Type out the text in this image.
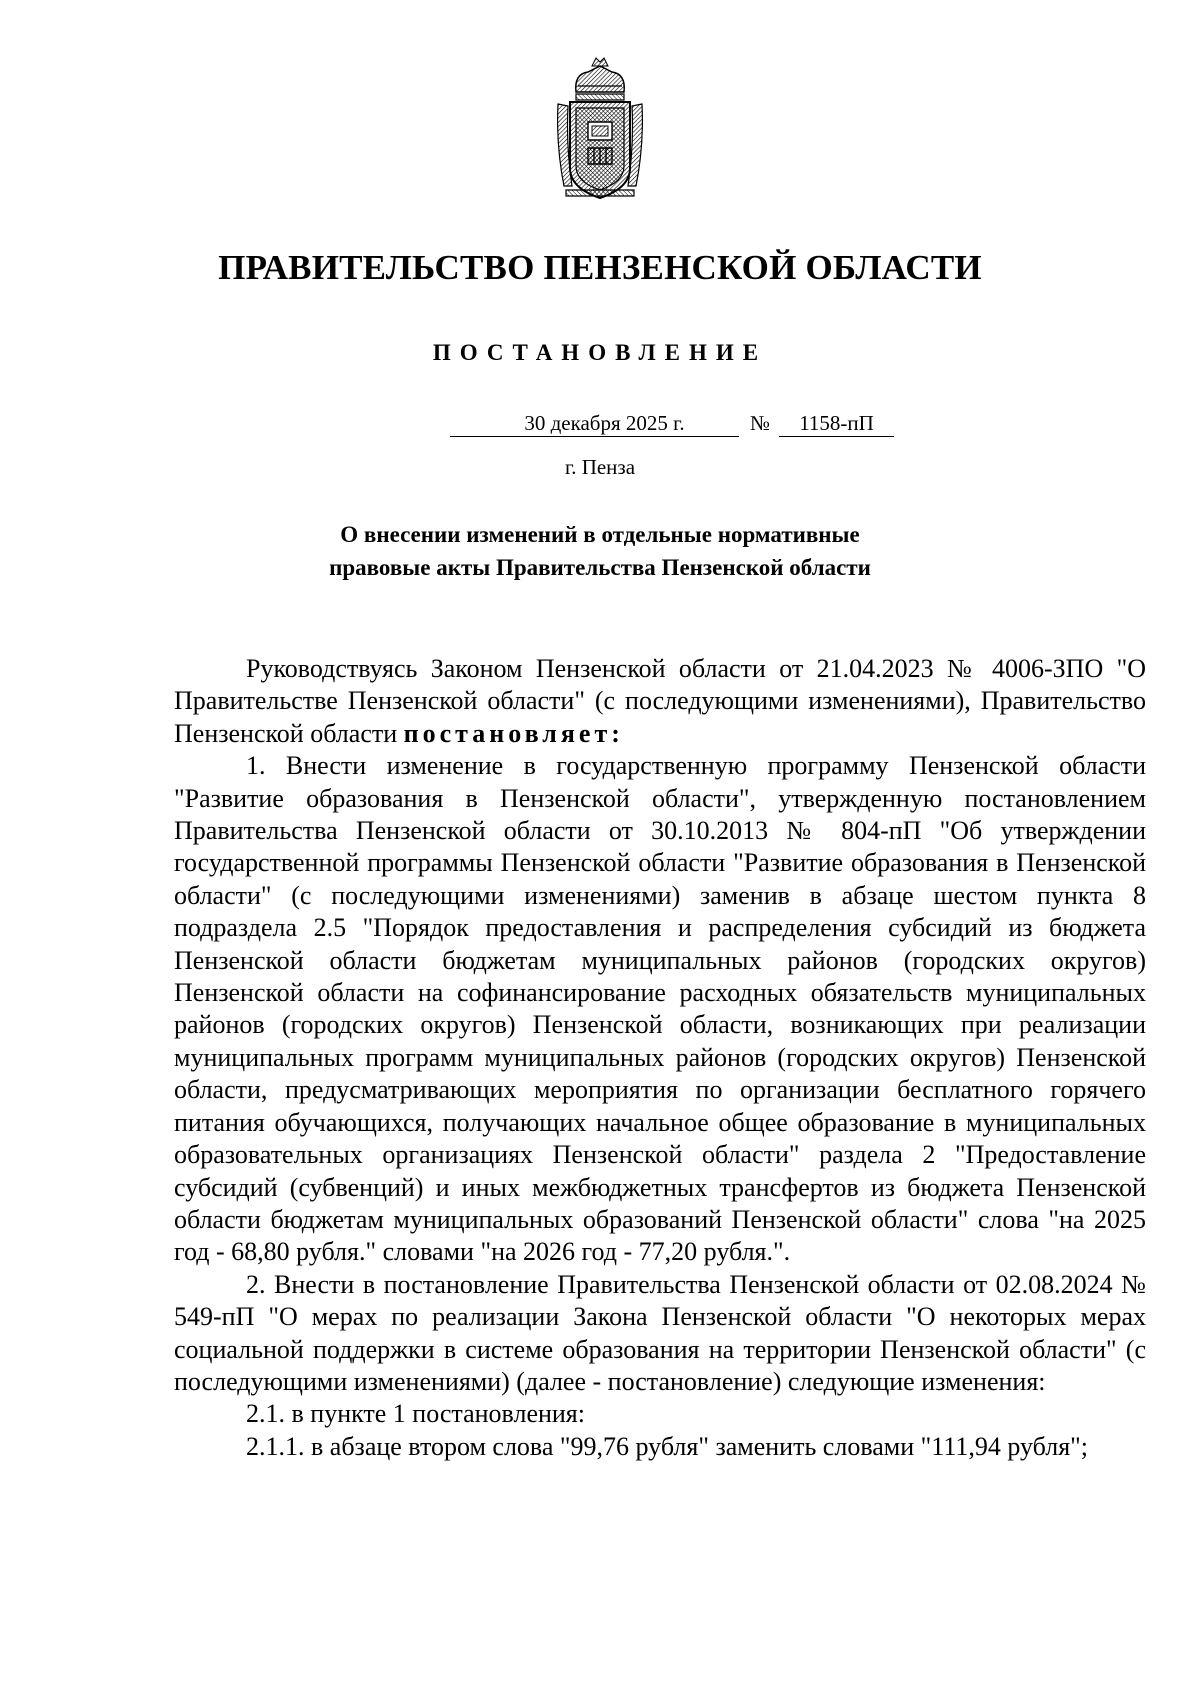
ПРАВИТЕЛЬСТВО ПЕНЗЕНСКОЙ ОБЛАСТИ
ПОСТАНОВЛЕНИЕ
30 декабря 2025 г.	№	1158-пП
г. Пенза
О внесении изменений в отдельные нормативные
правовые акты Правительства Пензенской области

Руководствуясь Законом Пензенской области от 21.04.2023 № 4006-ЗПО "О Правительстве Пензенской области" (с последующими изменениями), Правительство Пензенской области постановляет:

1. Внести изменение в государственную программу Пензенской области "Развитие образования в Пензенской области", утвержденную постановлением Правительства Пензенской области от 30.10.2013 № 804-пП "Об утверждении государственной программы Пензенской области "Развитие образования в Пензенской области" (с последующими изменениями) заменив в абзаце шестом пункта 8 подраздела 2.5 "Порядок предоставления и распределения субсидий из бюджета Пензенской области бюджетам муниципальных районов (городских округов) Пензенской области на софинансирование расходных обязательств муниципальных районов (городских округов) Пензенской области, возникающих при реализации муниципальных программ муниципальных районов (городских округов) Пензенской области, предусматривающих мероприятия по организации бесплатного горячего питания обучающихся, получающих начальное общее образование в муниципальных образовательных организациях Пензенской области" раздела 2 "Предоставление субсидий (субвенций) и иных межбюджетных трансфертов из бюджета Пензенской области бюджетам муниципальных образований Пензенской области" слова "на 2025 год - 68,80 рубля." словами "на 2026 год - 77,20 рубля.".

2. Внести в постановление Правительства Пензенской области от 02.08.2024 № 549-пП "О мерах по реализации Закона Пензенской области "О некоторых мерах социальной поддержки в системе образования на территории Пензенской области" (с последующими изменениями) (далее - постановление) следующие изменения:

2.1. в пункте 1 постановления:

2.1.1. в абзаце втором слова "99,76 рубля" заменить словами "111,94 рубля";
